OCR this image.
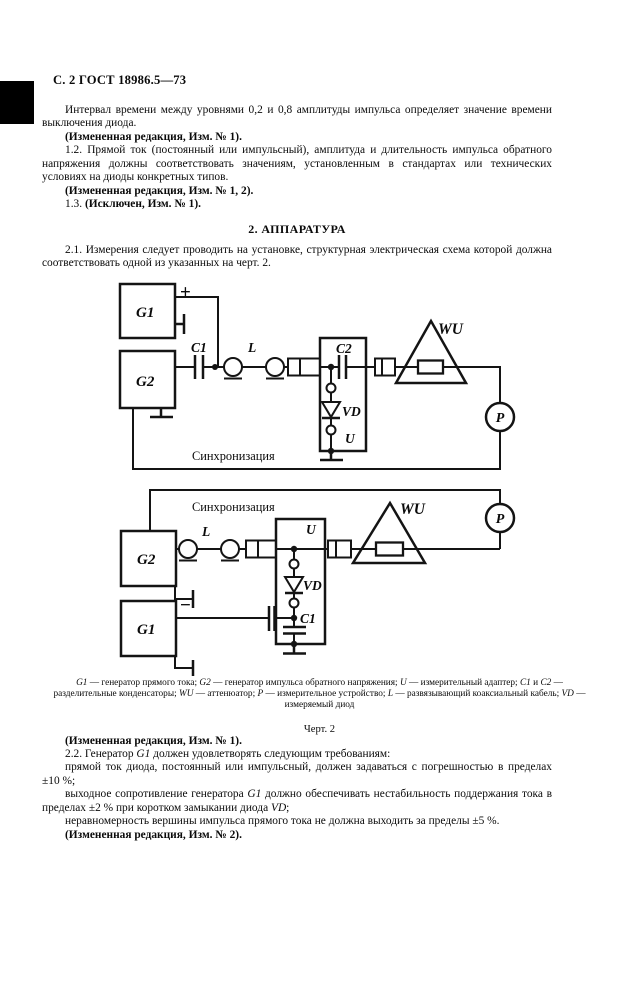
С. 2 ГОСТ 18986.5—73

Интервал времени между уровнями 0,2 и 0,8 амплитуды импульса определяет значение времени выключения диода.

(Измененная редакция, Изм. № 1).

1.2. Прямой ток (постоянный или импульсный), амплитуда и длительность импульса обратного напряжения должны соответствовать значениям, установленным в стандартах или технических условиях на диоды конкретных типов.

(Измененная редакция, Изм. № 1, 2).

1.3. (Исключен, Изм. № 1).

2. АППАРАТУРА

2.1. Измерения следует проводить на установке, структурная электрическая схема которой должна соответствовать одной из указанных на черт. 2.

G1
+
C1	L
G2
C2
VD
U
WU
P
Синхронизация
Синхронизация
G2
L	U
VD
C1
G1
−
WU
P
G1 — генератор прямого тока; G2 — генератор импульса обратного напряжения; U — измерительный адаптер; C1 и C2 — разделительные конденсаторы; WU — аттенюатор; P — измерительное устройство; L — развязывающий коаксиальный кабель; VD — измеряемый диод
Черт. 2

(Измененная редакция, Изм. № 1).

2.2. Генератор G1 должен удовлетворять следующим требованиям:

прямой ток диода, постоянный или импульсный, должен задаваться с погрешностью в пределах ±10 %;

выходное сопротивление генератора G1 должно обеспечивать нестабильность поддержания тока в пределах ±2 % при коротком замыкании диода VD;

неравномерность вершины импульса прямого тока не должна выходить за пределы ±5 %.

(Измененная редакция, Изм. № 2).
